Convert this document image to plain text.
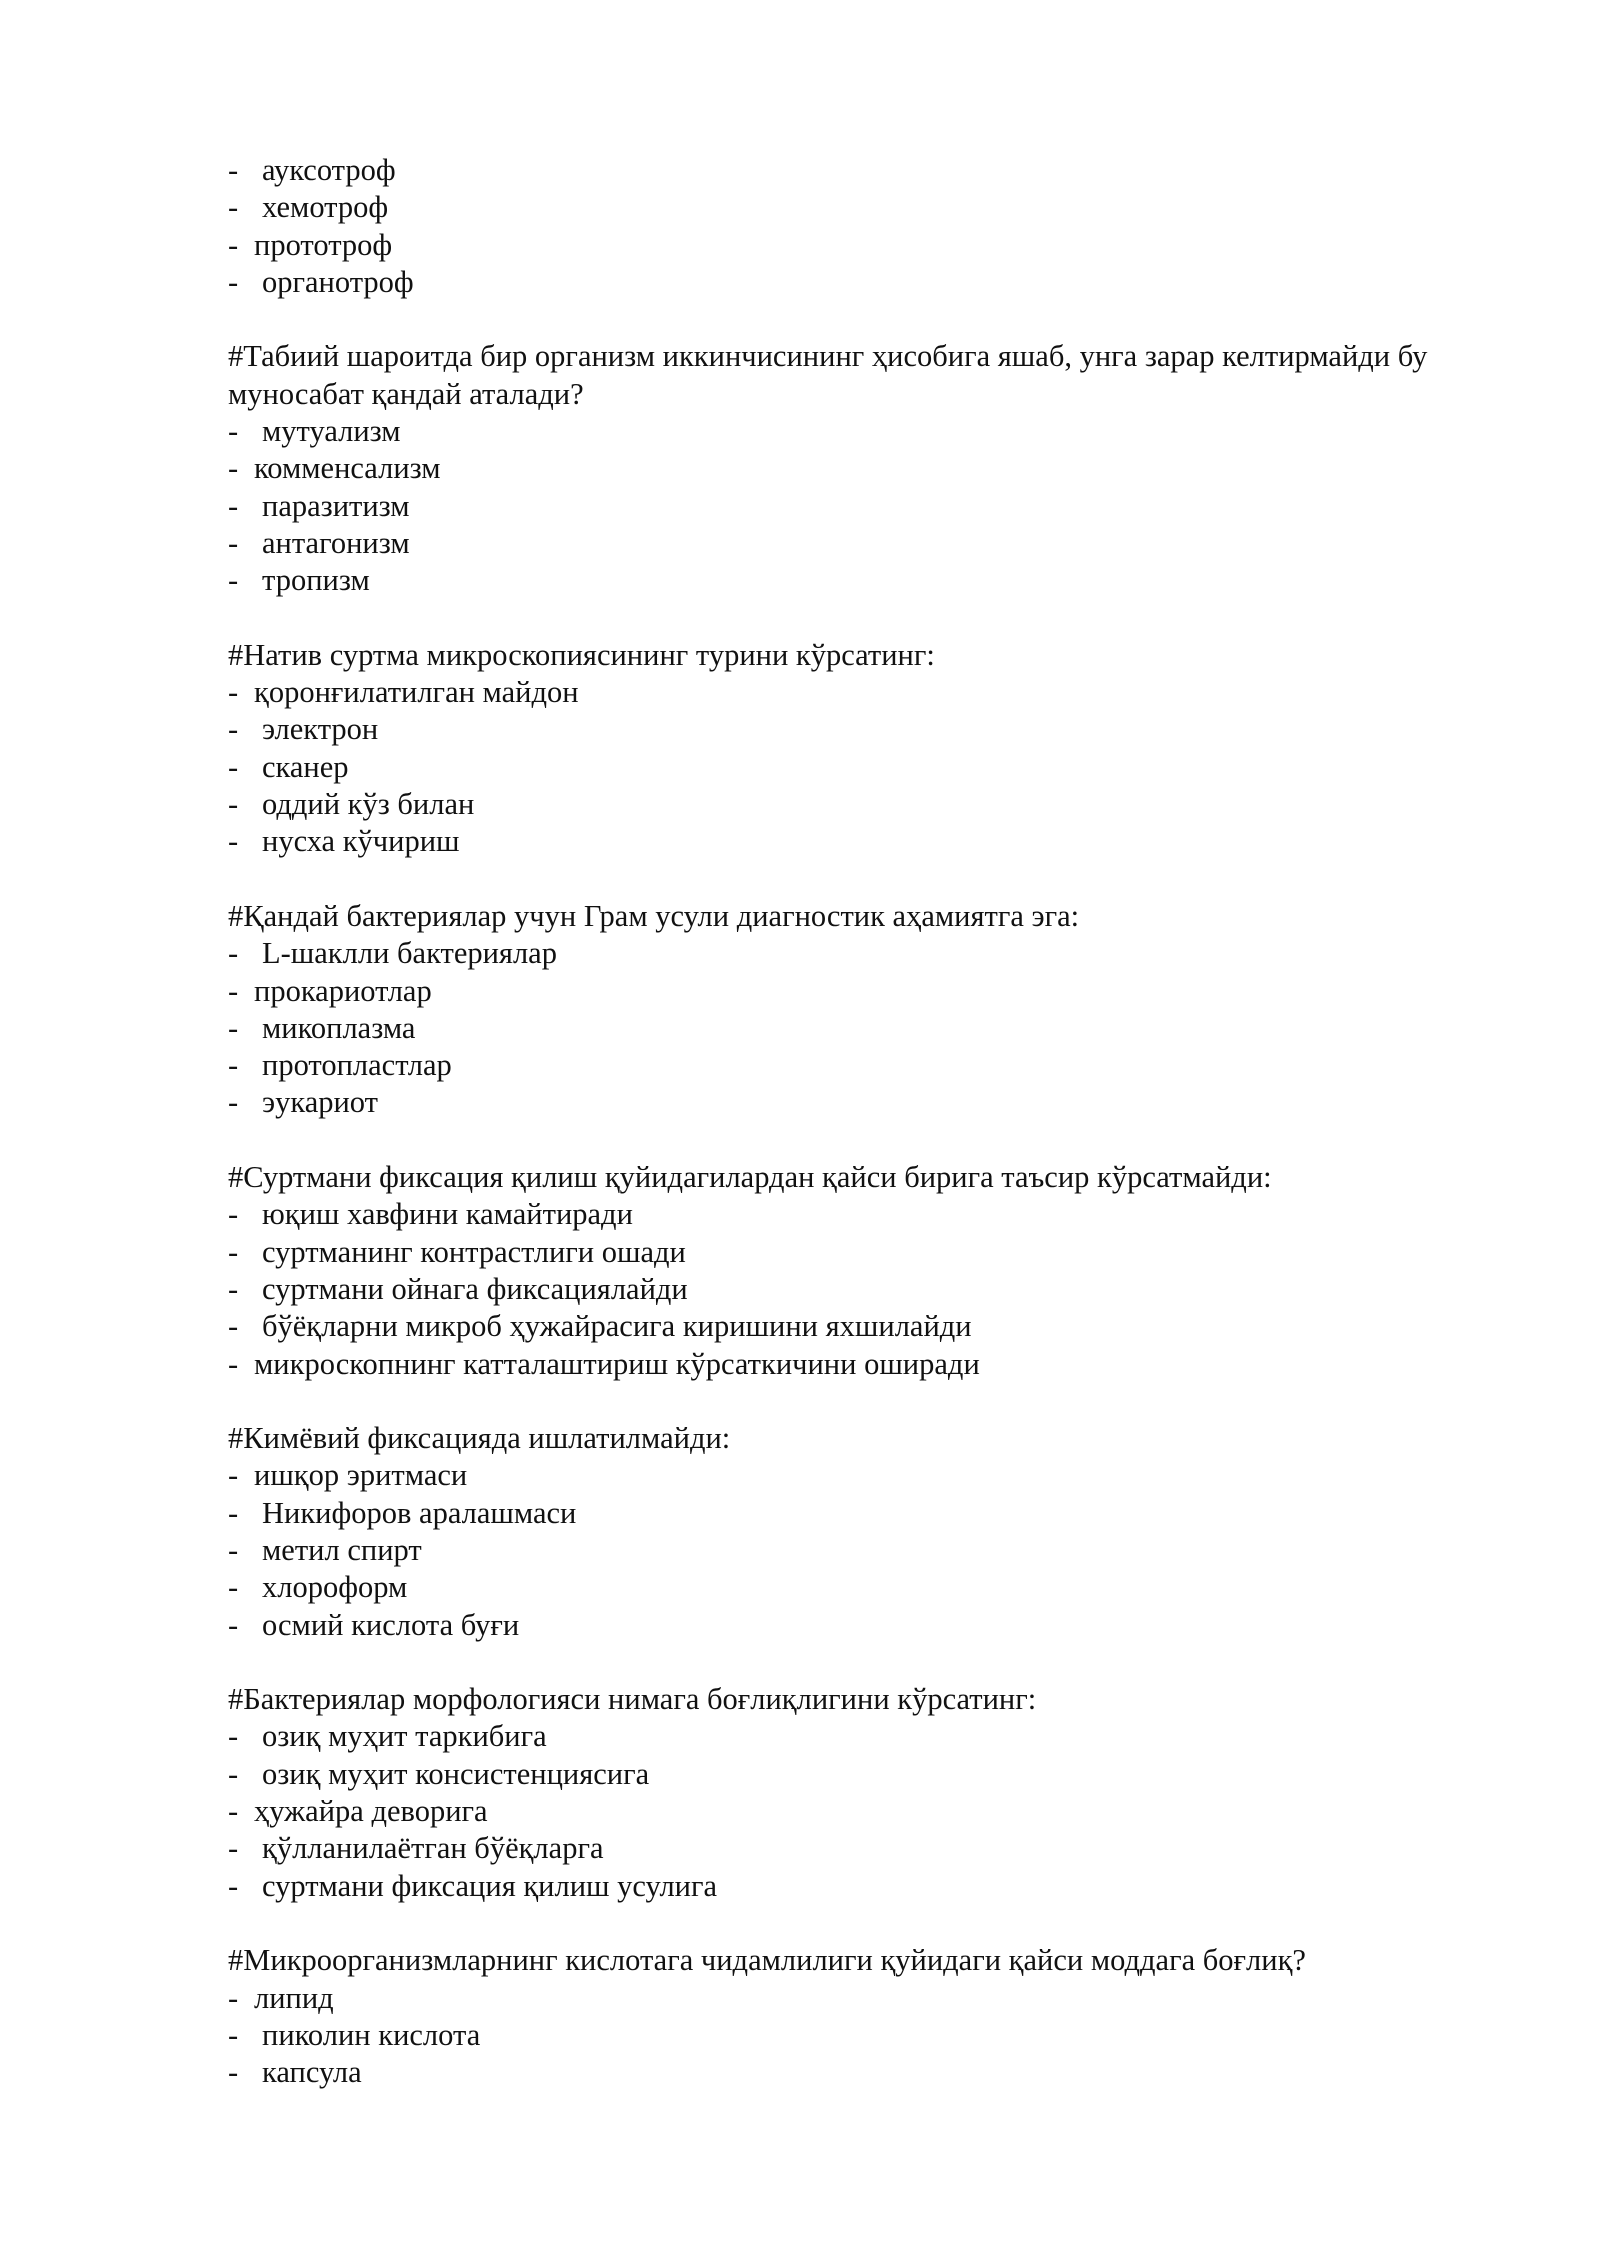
- ауксотроф

- хемотроф

- прототроф

- органотроф

#Табиий шароитда бир организм иккинчисининг ҳисобига яшаб, унга зарар келтирмайди бу муносабат қандай аталади?

- мутуализм

- комменсализм

- паразитизм

- антагонизм

- тропизм

#Натив суртма микроскопиясининг турини кўрсатинг:

- қоронғилатилган майдон

- электрон

- сканер

- оддий кўз билан

- нусха кўчириш

#Қандай бактериялар учун Грам усули диагностик аҳамиятга эга:

- L-шаклли бактериялар

- прокариотлар

- микоплазма

- протопластлар

- эукариот

#Суртмани фиксация қилиш қуйидагилардан қайси бирига таъсир кўрсатмайди:

- юқиш хавфини камайтиради

- суртманинг контрастлиги ошади

- суртмани ойнага фиксациялайди

- бўёқларни микроб ҳужайрасига киришини яхшилайди

- микроскопнинг катталаштириш кўрсаткичини оширади

#Кимёвий фиксацияда ишлатилмайди:

- ишқор эритмаси

- Никифоров аралашмаси

- метил спирт

- хлороформ

- осмий кислота буғи

#Бактериялар морфологияси нимага боғлиқлигини кўрсатинг:

- озиқ муҳит таркибига

- озиқ муҳит консистенциясига

- ҳужайра деворига

- қўлланилаётган бўёқларга

- суртмани фиксация қилиш усулига

#Микроорганизмларнинг кислотага чидамлилиги қуйидаги қайси моддага боғлиқ?

- липид

- пиколин кислота

- капсула
